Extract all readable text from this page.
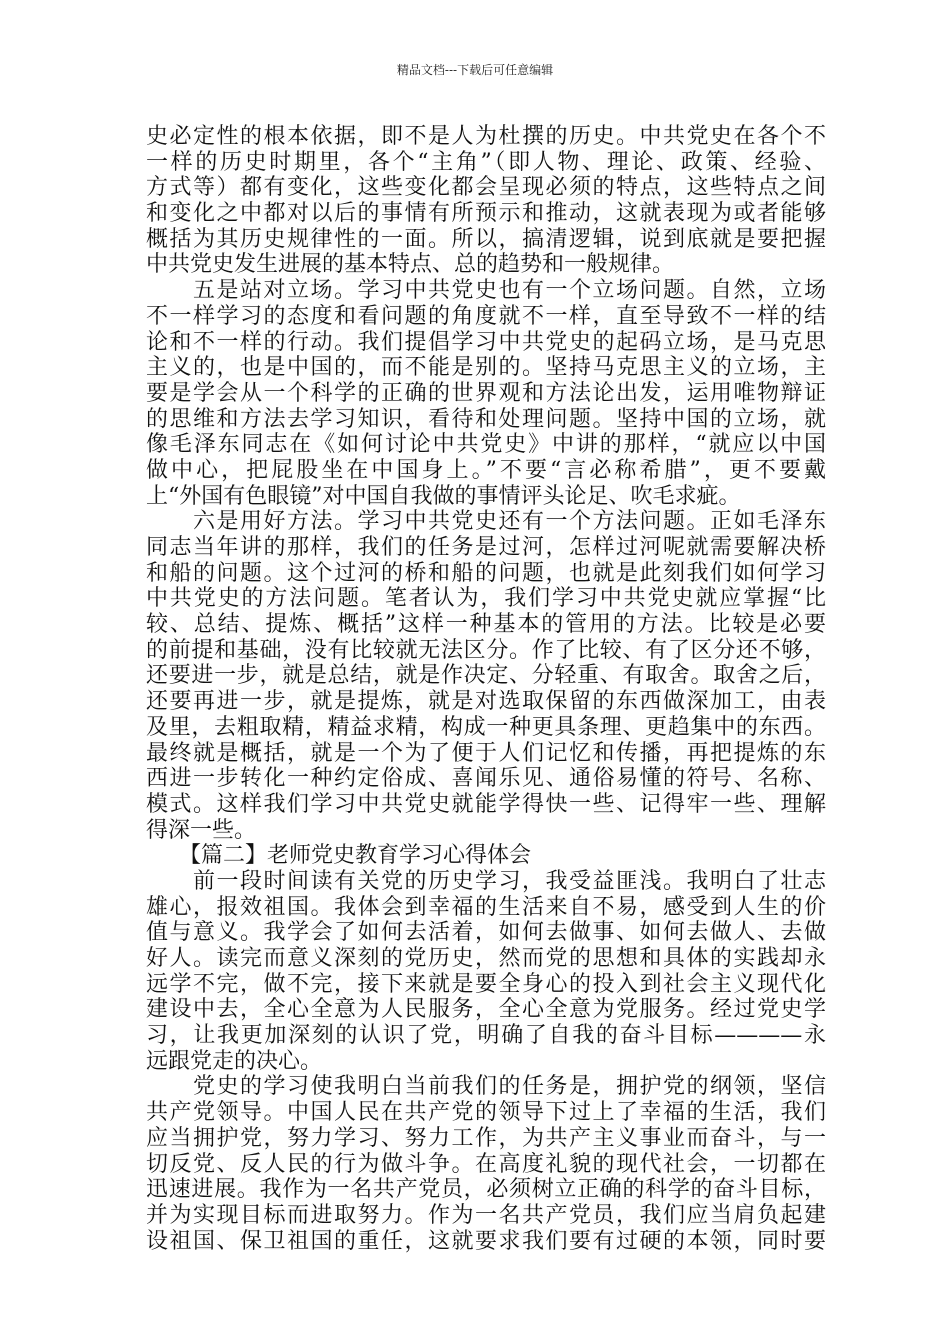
精品文档---下载后可任意编辑
史必定性的根本依据，即不是人为杜撰的历史。中共党史在各个不
一样的历史时期里，各个“主角”（即人物、理论、政策、经验、
方式等）都有变化，这些变化都会呈现必须的特点，这些特点之间
和变化之中都对以后的事情有所预示和推动，这就表现为或者能够
概括为其历史规律性的一面。所以，搞清逻辑，说到底就是要把握
中共党史发生进展的基本特点、总的趋势和一般规律。
　　五是站对立场。学习中共党史也有一个立场问题。自然，立场
不一样学习的态度和看问题的角度就不一样，直至导致不一样的结
论和不一样的行动。我们提倡学习中共党史的起码立场，是马克思
主义的，也是中国的，而不能是别的。坚持马克思主义的立场，主
要是学会从一个科学的正确的世界观和方法论出发，运用唯物辩证
的思维和方法去学习知识，看待和处理问题。坚持中国的立场，就
像毛泽东同志在《如何讨论中共党史》中讲的那样，“就应以中国
做中心，把屁股坐在中国身上。”不要“言必称希腊”，更不要戴
上“外国有色眼镜”对中国自我做的事情评头论足、吹毛求疵。
　　六是用好方法。学习中共党史还有一个方法问题。正如毛泽东
同志当年讲的那样，我们的任务是过河，怎样过河呢就需要解决桥
和船的问题。这个过河的桥和船的问题，也就是此刻我们如何学习
中共党史的方法问题。笔者认为，我们学习中共党史就应掌握“比
较、总结、提炼、概括”这样一种基本的管用的方法。比较是必要
的前提和基础，没有比较就无法区分。作了比较、有了区分还不够，
还要进一步，就是总结，就是作决定、分轻重、有取舍。取舍之后，
还要再进一步，就是提炼，就是对选取保留的东西做深加工，由表
及里，去粗取精，精益求精，构成一种更具条理、更趋集中的东西。
最终就是概括，就是一个为了便于人们记忆和传播，再把提炼的东
西进一步转化一种约定俗成、喜闻乐见、通俗易懂的符号、名称、
模式。这样我们学习中共党史就能学得快一些、记得牢一些、理解
得深一些。
　　【篇二】老师党史教育学习心得体会
　　前一段时间读有关党的历史学习，我受益匪浅。我明白了壮志
雄心，报效祖国。我体会到幸福的生活来自不易，感受到人生的价
值与意义。我学会了如何去活着，如何去做事、如何去做人、去做
好人。读完而意义深刻的党历史，然而党的思想和具体的实践却永
远学不完，做不完，接下来就是要全身心的投入到社会主义现代化
建设中去，全心全意为人民服务，全心全意为党服务。经过党史学
习，让我更加深刻的认识了党，明确了自我的奋斗目标————永
远跟党走的决心。
　　党史的学习使我明白当前我们的任务是，拥护党的纲领，坚信
共产党领导。中国人民在共产党的领导下过上了幸福的生活，我们
应当拥护党，努力学习、努力工作，为共产主义事业而奋斗，与一
切反党、反人民的行为做斗争。在高度礼貌的现代社会，一切都在
迅速进展。我作为一名共产党员，必须树立正确的科学的奋斗目标，
并为实现目标而进取努力。作为一名共产党员，我们应当肩负起建
设祖国、保卫祖国的重任，这就要求我们要有过硬的本领，同时要
